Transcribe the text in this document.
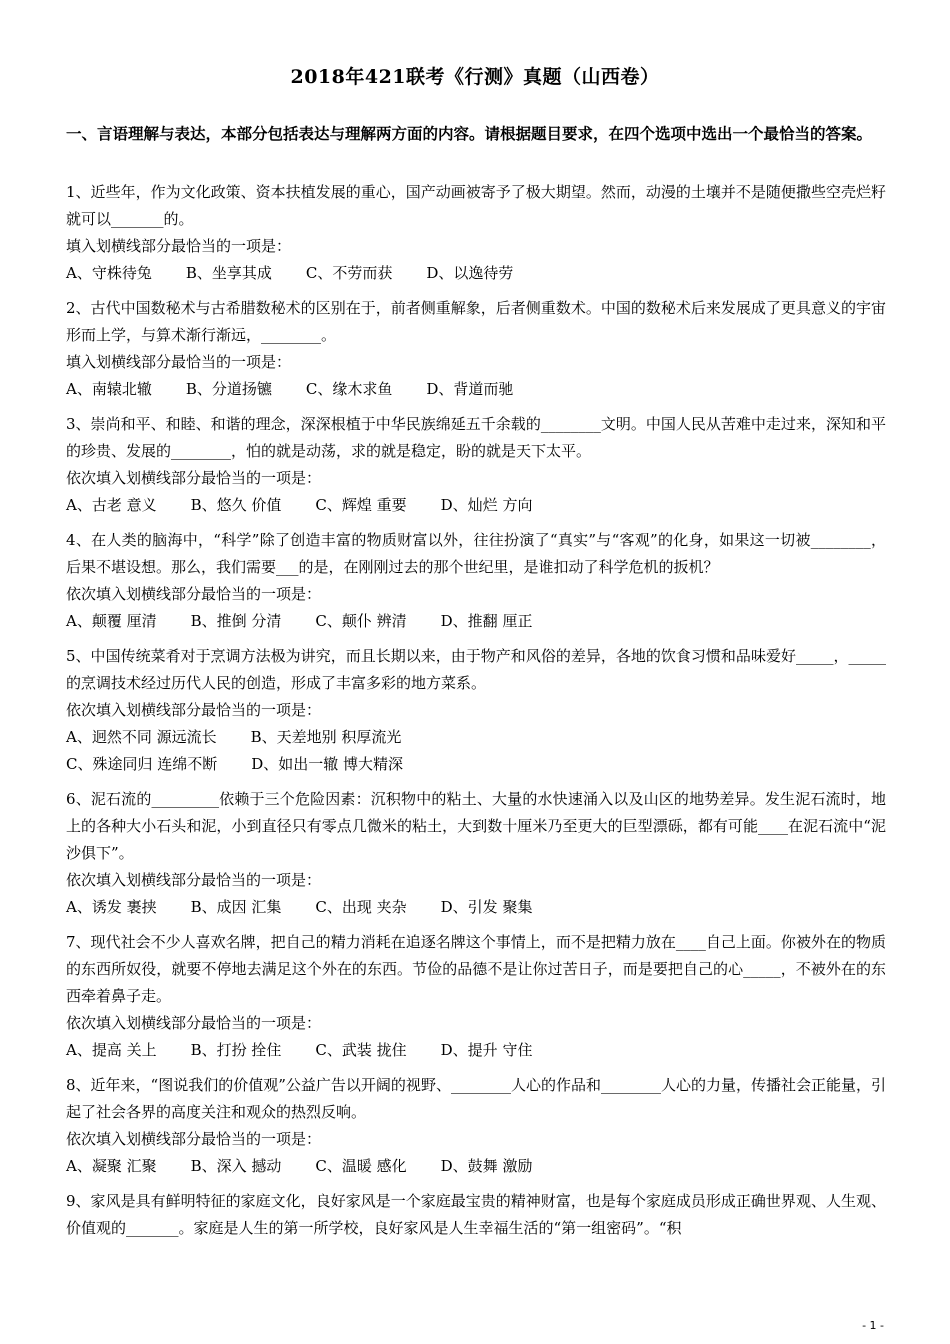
2018年421联考《行测》真题（山西卷）
一、言语理解与表达，本部分包括表达与理解两方面的内容。请根据题目要求，在四个选项中选出一个最恰当的答案。

1、近些年，作为文化政策、资本扶植发展的重心，国产动画被寄予了极大期望。然而，动漫的土壤并不是随便撒些空壳烂籽就可以_______的。

填入划横线部分最恰当的一项是：

A、守株待兔 B、坐享其成 C、不劳而获 D、以逸待劳

2、古代中国数秘术与古希腊数秘术的区别在于，前者侧重解象，后者侧重数术。中国的数秘术后来发展成了更具意义的宇宙形而上学，与算术渐行渐远，________。

填入划横线部分最恰当的一项是：

A、南辕北辙 B、分道扬镳 C、缘木求鱼 D、背道而驰

3、崇尚和平、和睦、和谐的理念，深深根植于中华民族绵延五千余载的________文明。中国人民从苦难中走过来，深知和平的珍贵、发展的________，怕的就是动荡，求的就是稳定，盼的就是天下太平。

依次填入划横线部分最恰当的一项是：

A、古老 意义 B、悠久 价值 C、辉煌 重要 D、灿烂 方向

4、在人类的脑海中，“科学”除了创造丰富的物质财富以外，往往扮演了“真实”与“客观”的化身，如果这一切被________，后果不堪设想。那么，我们需要___的是，在刚刚过去的那个世纪里，是谁扣动了科学危机的扳机？

依次填入划横线部分最恰当的一项是：

A、颠覆 厘清 B、推倒 分清 C、颠仆 辨清 D、推翻 厘正

5、中国传统菜肴对于烹调方法极为讲究，而且长期以来，由于物产和风俗的差异，各地的饮食习惯和品味爱好_____，_____的烹调技术经过历代人民的创造，形成了丰富多彩的地方菜系。

依次填入划横线部分最恰当的一项是：

A、迥然不同 源远流长 B、天差地别 积厚流光

C、殊途同归 连绵不断 D、如出一辙 博大精深

6、泥石流的_________依赖于三个危险因素：沉积物中的粘土、大量的水快速涌入以及山区的地势差异。发生泥石流时，地上的各种大小石头和泥，小到直径只有零点几微米的粘土，大到数十厘米乃至更大的巨型漂砾，都有可能____在泥石流中“泥沙俱下”。

依次填入划横线部分最恰当的一项是：

A、诱发 裹挟 B、成因 汇集 C、出现 夹杂 D、引发 聚集

7、现代社会不少人喜欢名牌，把自己的精力消耗在追逐名牌这个事情上，而不是把精力放在____自己上面。你被外在的物质的东西所奴役，就要不停地去满足这个外在的东西。节俭的品德不是让你过苦日子，而是要把自己的心_____，不被外在的东西牵着鼻子走。

依次填入划横线部分最恰当的一项是：

A、提高 关上 B、打扮 拴住 C、武装 拢住 D、提升 守住

8、近年来，“图说我们的价值观”公益广告以开阔的视野、________人心的作品和________人心的力量，传播社会正能量，引起了社会各界的高度关注和观众的热烈反响。

依次填入划横线部分最恰当的一项是：

A、凝聚 汇聚 B、深入 撼动 C、温暖 感化 D、鼓舞 激励

9、家风是具有鲜明特征的家庭文化，良好家风是一个家庭最宝贵的精神财富，也是每个家庭成员形成正确世界观、人生观、价值观的_______。家庭是人生的第一所学校，良好家风是人生幸福生活的“第一组密码”。“积

- 1 -
